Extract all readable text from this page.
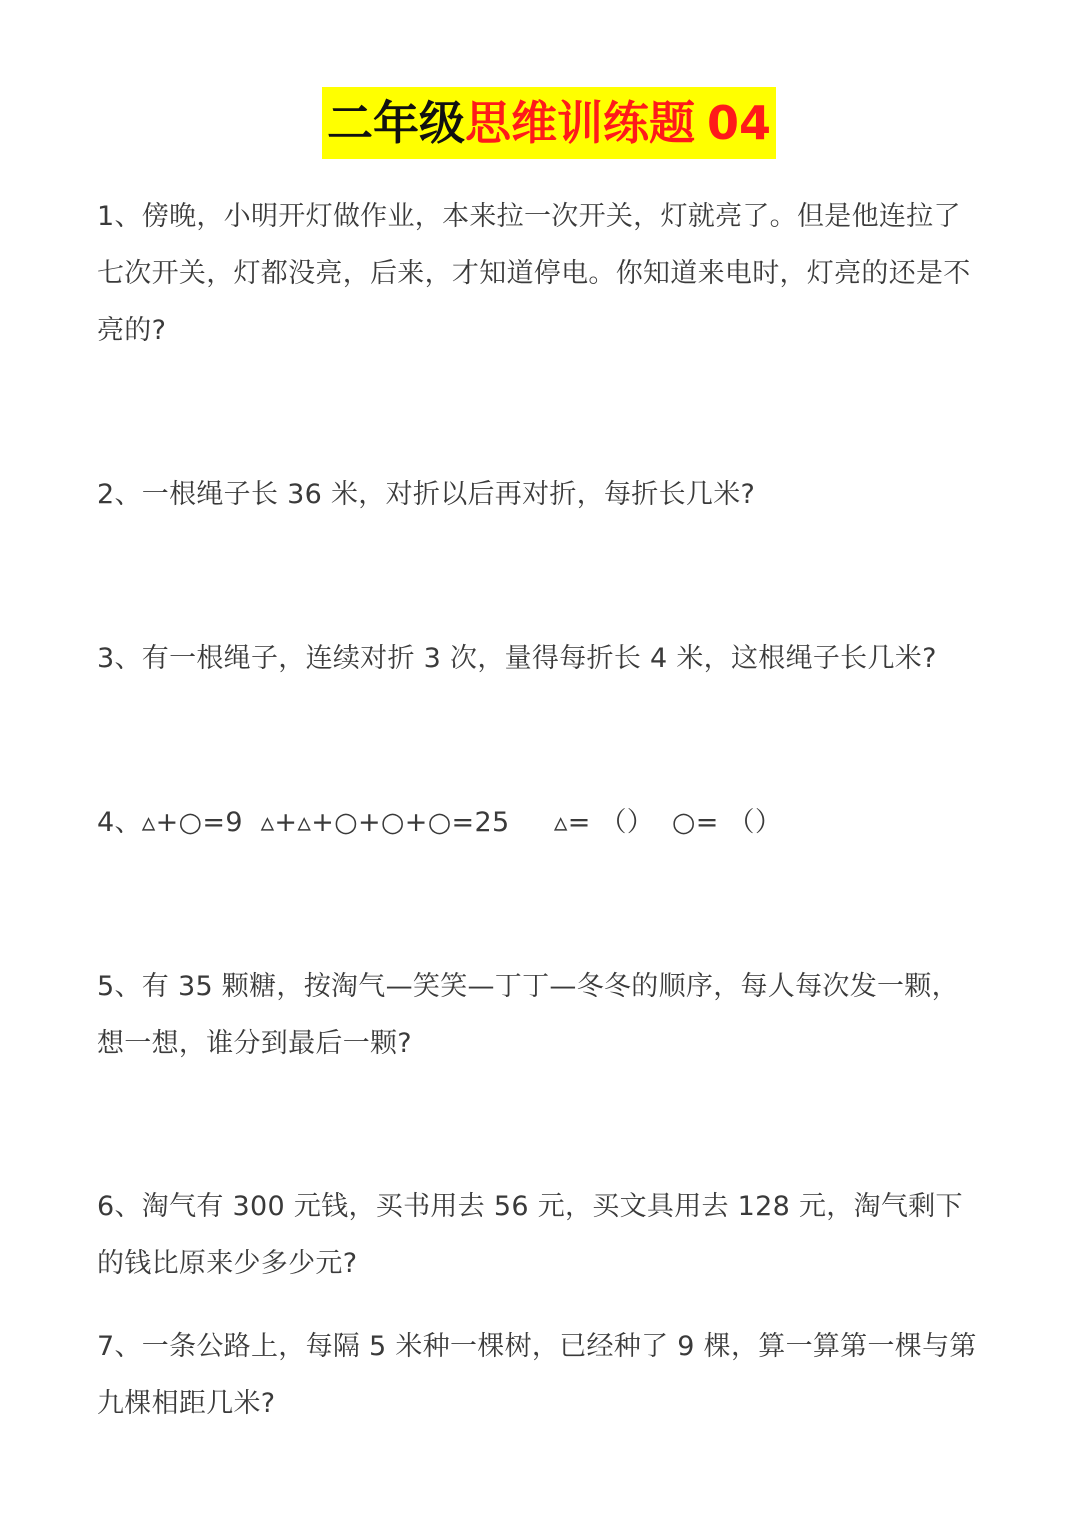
二年级 思维训练题 04

1、傍晚，小明开灯做作业，本来拉一次开关，灯就亮了。但是他连拉了七次开关，灯都没亮，后来，才知道停电。你知道来电时，灯亮的还是不亮的?

2、一根绳子长 36 米，对折以后再对折，每折长几米?

3、有一根绳子，连续对折 3 次，量得每折长 4 米，这根绳子长几米?

4、▵+○=9  ▵+▵+○+○+○=25     ▵= （）  ○= （）

5、有 35 颗糖，按淘气—笑笑—丁丁—冬冬的顺序，每人每次发一颗，想一想，谁分到最后一颗?

6、淘气有 300 元钱，买书用去 56 元，买文具用去 128 元，淘气剩下的钱比原来少多少元?

7、一条公路上，每隔 5 米种一棵树，已经种了 9 棵，算一算第一棵与第九棵相距几米?
